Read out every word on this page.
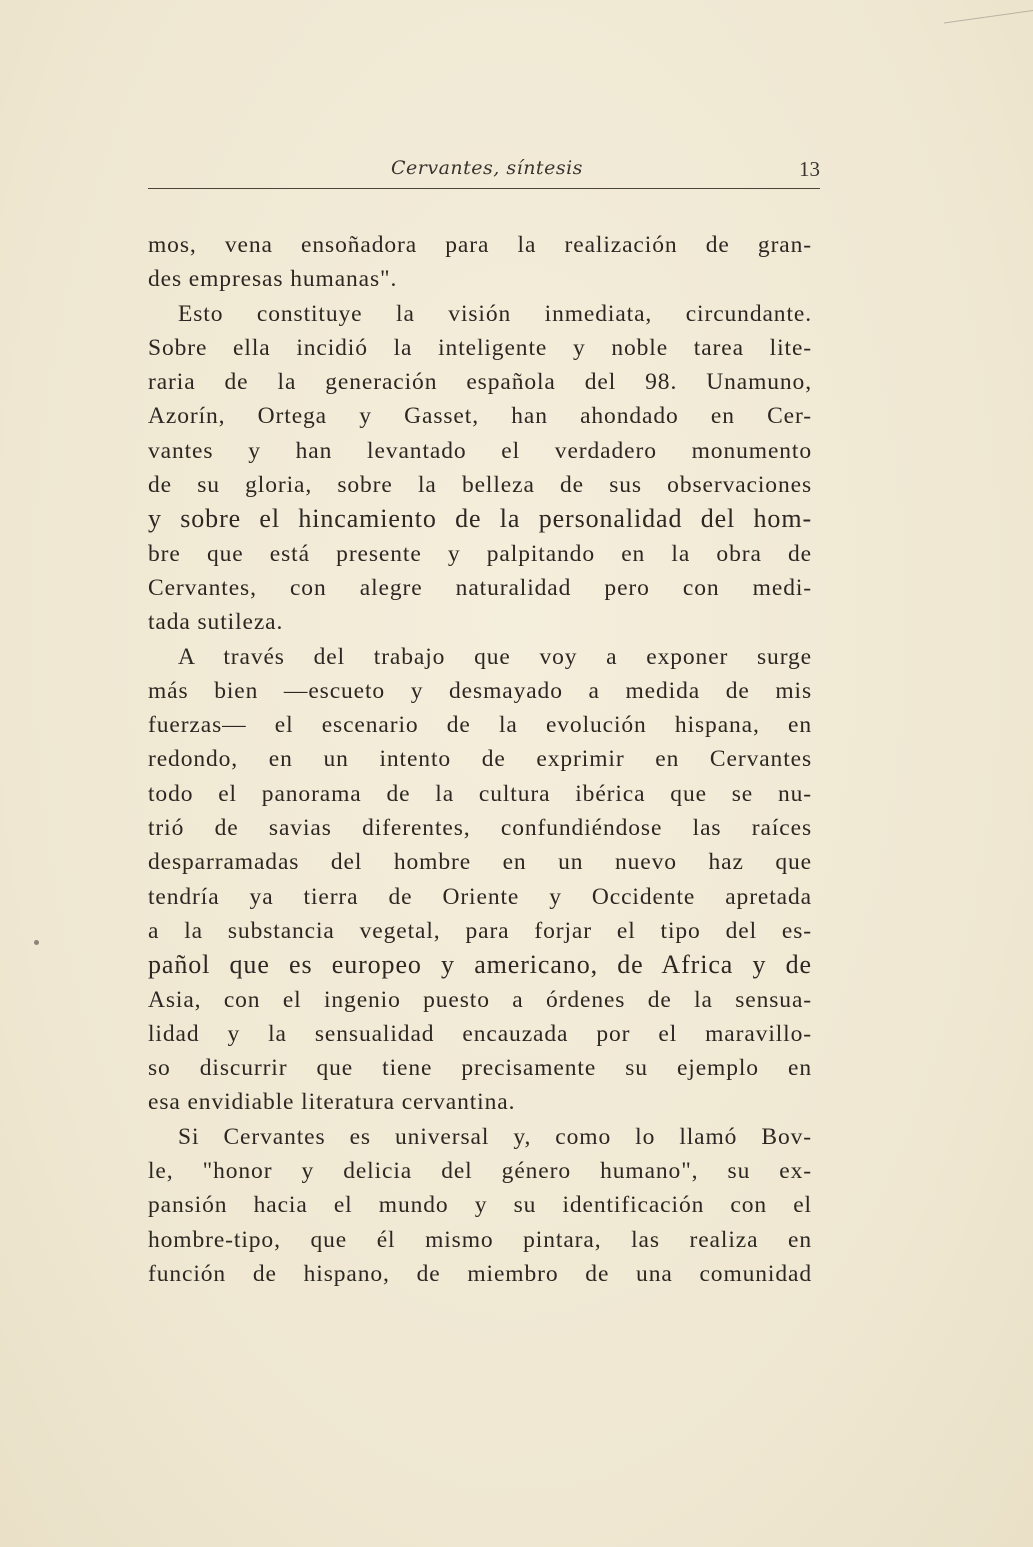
Cervantes, síntesis	13
mos, vena ensoñadora para la realización de gran-
des empresas humanas".
Esto constituye la visión inmediata, circundante.
Sobre ella incidió la inteligente y noble tarea lite-
raria de la generación española del 98. Unamuno,
Azorín, Ortega y Gasset, han ahondado en Cer-
vantes y han levantado el verdadero monumento
de su gloria, sobre la belleza de sus observaciones
y sobre el hincamiento de la personalidad del hom-
bre que está presente y palpitando en la obra de
Cervantes, con alegre naturalidad pero con medi-
tada sutileza.
A través del trabajo que voy a exponer surge
más bien —escueto y desmayado a medida de mis
fuerzas— el escenario de la evolución hispana, en
redondo, en un intento de exprimir en Cervantes
todo el panorama de la cultura ibérica que se nu-
trió de savias diferentes, confundiéndose las raíces
desparramadas del hombre en un nuevo haz que
tendría ya tierra de Oriente y Occidente apretada
a la substancia vegetal, para forjar el tipo del es-
pañol que es europeo y americano, de Africa y de
Asia, con el ingenio puesto a órdenes de la sensua-
lidad y la sensualidad encauzada por el maravillo-
so discurrir que tiene precisamente su ejemplo en
esa envidiable literatura cervantina.
Si Cervantes es universal y, como lo llamó Bov-
le, "honor y delicia del género humano", su ex-
pansión hacia el mundo y su identificación con el
hombre-tipo, que él mismo pintara, las realiza en
función de hispano, de miembro de una comunidad
